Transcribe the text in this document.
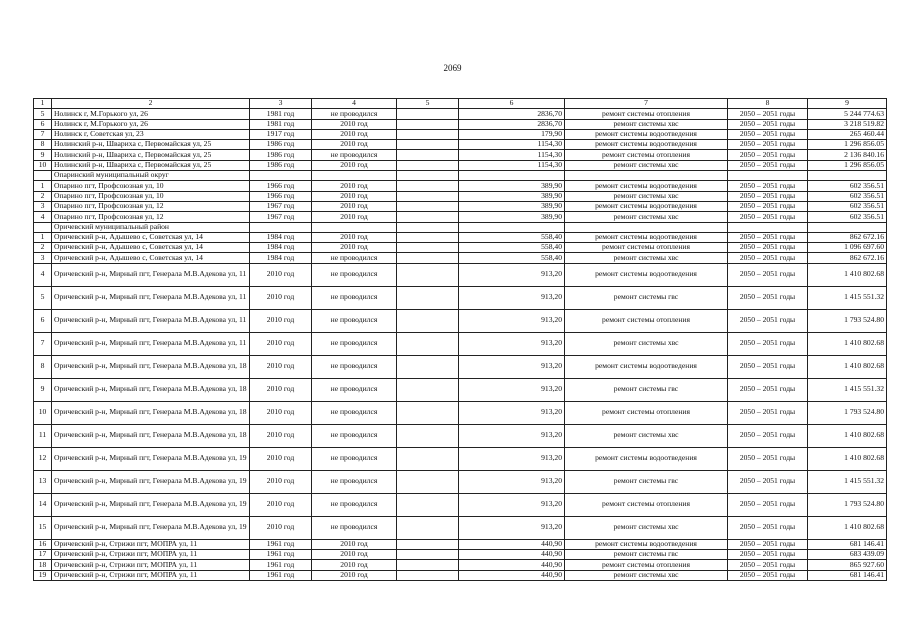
2069
1	2	3	4	5	6	7	8	9
5	Нолинск г, М.Горького ул, 26	1981 год	не проводился		2836,70	ремонт системы отопления	2050 – 2051 годы	5 244 774.63
6	Нолинск г, М.Горького ул, 26	1981 год	2010 год		2836,70	ремонт системы хвс	2050 – 2051 годы	3 218 519.82
7	Нолинск г, Советская ул, 23	1917 год	2010 год		179,90	ремонт системы водоотведения	2050 – 2051 годы	265 460.44
8	Нолинский р-н, Швариха с, Первомайская ул, 25	1986 год	2010 год		1154,30	ремонт системы водоотведения	2050 – 2051 годы	1 296 856.05
9	Нолинский р-н, Швариха с, Первомайская ул, 25	1986 год	не проводился		1154,30	ремонт системы отопления	2050 – 2051 годы	2 136 840.16
10	Нолинский р-н, Швариха с, Первомайская ул, 25	1986 год	2010 год		1154,30	ремонт системы хвс	2050 – 2051 годы	1 296 856.05
	Опаринский муниципальный округ							
1	Опарино пгт, Профсоюзная ул, 10	1966 год	2010 год		389,90	ремонт системы водоотведения	2050 – 2051 годы	602 356.51
2	Опарино пгт, Профсоюзная ул, 10	1966 год	2010 год		389,90	ремонт системы хвс	2050 – 2051 годы	602 356.51
3	Опарино пгт, Профсоюзная ул, 12	1967 год	2010 год		389,90	ремонт системы водоотведения	2050 – 2051 годы	602 356.51
4	Опарино пгт, Профсоюзная ул, 12	1967 год	2010 год		389,90	ремонт системы хвс	2050 – 2051 годы	602 356.51
	Оричевский муниципальный район							
1	Оричевский р-н, Адышево с, Советская ул, 14	1984 год	2010 год		558,40	ремонт системы водоотведения	2050 – 2051 годы	862 672.16
2	Оричевский р-н, Адышево с, Советская ул, 14	1984 год	2010 год		558,40	ремонт системы отопления	2050 – 2051 годы	1 096 697.60
3	Оричевский р-н, Адышево с, Советская ул, 14	1984 год	не проводился		558,40	ремонт системы хвс	2050 – 2051 годы	862 672.16
4	Оричевский р-н, Мирный пгт, Генерала М.В.Адекова ул, 11	2010 год	не проводился		913,20	ремонт системы водоотведения	2050 – 2051 годы	1 410 802.68
5	Оричевский р-н, Мирный пгт, Генерала М.В.Адекова ул, 11	2010 год	не проводился		913,20	ремонт системы гвс	2050 – 2051 годы	1 415 551.32
6	Оричевский р-н, Мирный пгт, Генерала М.В.Адекова ул, 11	2010 год	не проводился		913,20	ремонт системы отопления	2050 – 2051 годы	1 793 524.80
7	Оричевский р-н, Мирный пгт, Генерала М.В.Адекова ул, 11	2010 год	не проводился		913,20	ремонт системы хвс	2050 – 2051 годы	1 410 802.68
8	Оричевский р-н, Мирный пгт, Генерала М.В.Адекова ул, 18	2010 год	не проводился		913,20	ремонт системы водоотведения	2050 – 2051 годы	1 410 802.68
9	Оричевский р-н, Мирный пгт, Генерала М.В.Адекова ул, 18	2010 год	не проводился		913,20	ремонт системы гвс	2050 – 2051 годы	1 415 551.32
10	Оричевский р-н, Мирный пгт, Генерала М.В.Адекова ул, 18	2010 год	не проводился		913,20	ремонт системы отопления	2050 – 2051 годы	1 793 524.80
11	Оричевский р-н, Мирный пгт, Генерала М.В.Адекова ул, 18	2010 год	не проводился		913,20	ремонт системы хвс	2050 – 2051 годы	1 410 802.68
12	Оричевский р-н, Мирный пгт, Генерала М.В.Адекова ул, 19	2010 год	не проводился		913,20	ремонт системы водоотведения	2050 – 2051 годы	1 410 802.68
13	Оричевский р-н, Мирный пгт, Генерала М.В.Адекова ул, 19	2010 год	не проводился		913,20	ремонт системы гвс	2050 – 2051 годы	1 415 551.32
14	Оричевский р-н, Мирный пгт, Генерала М.В.Адекова ул, 19	2010 год	не проводился		913,20	ремонт системы отопления	2050 – 2051 годы	1 793 524.80
15	Оричевский р-н, Мирный пгт, Генерала М.В.Адекова ул, 19	2010 год	не проводился		913,20	ремонт системы хвс	2050 – 2051 годы	1 410 802.68
16	Оричевский р-н, Стрижи пгт, МОПРА ул, 11	1961 год	2010 год		440,90	ремонт системы водоотведения	2050 – 2051 годы	681 146.41
17	Оричевский р-н, Стрижи пгт, МОПРА ул, 11	1961 год	2010 год		440,90	ремонт системы гвс	2050 – 2051 годы	683 439.09
18	Оричевский р-н, Стрижи пгт, МОПРА ул, 11	1961 год	2010 год		440,90	ремонт системы отопления	2050 – 2051 годы	865 927.60
19	Оричевский р-н, Стрижи пгт, МОПРА ул, 11	1961 год	2010 год		440,90	ремонт системы хвс	2050 – 2051 годы	681 146.41
